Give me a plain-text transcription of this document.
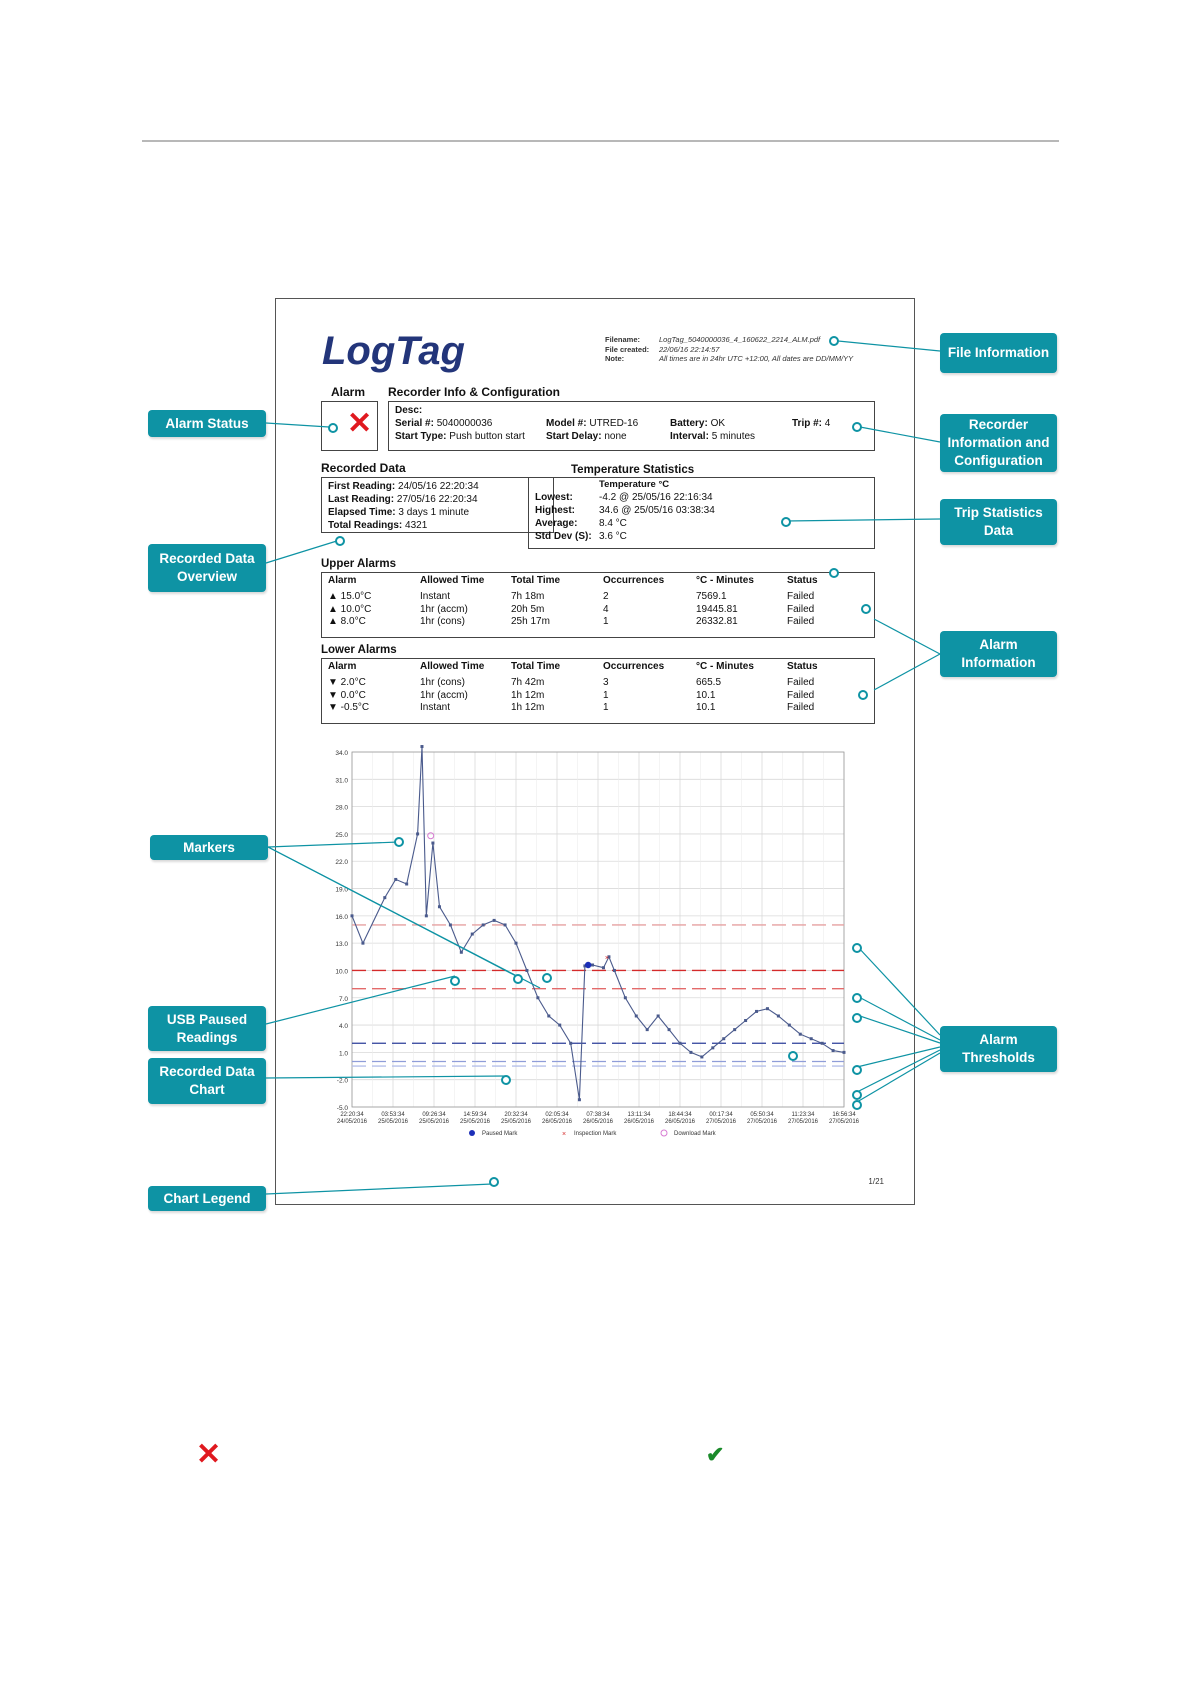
LogTag	Filename:	LogTag_5040000036_4_160622_2214_ALM.pdf
File created:	22/06/16 22:14:57
Note:	All times are in 24hr UTC +12:00, All dates are DD/MM/YY
Alarm Recorder Info & Configuration
✕ Desc:
Serial #: 5040000036	Model #: UTRED-16	Battery: OK	Trip #: 4
Start Type: Push button start Start Delay: none	Interval: 5 minutes
Recorded Data	Temperature Statistics
First Reading: 24/05/16 22:20:34
Last Reading: 27/05/16 22:20:34
Elapsed Time: 3 days 1 minute
Total Readings: 4321
Temperature °C
Lowest:	-4.2 @ 25/05/16 22:16:34
Highest: 34.6 @ 25/05/16 03:38:34
Average: 8.4 °C
Std Dev (S): 3.6 °C
Upper Alarms
Alarm	Allowed Time	Total Time	Occurrences	°C - Minutes	Status
▲ 15.0°C	Instant	7h 18m	2	7569.1	Failed
▲ 10.0°C	1hr (accm)	20h 5m	4	19445.81	Failed
▲ 8.0°C	1hr (cons)	25h 17m	1	26332.81	Failed
Lower Alarms
Alarm	Allowed Time	Total Time	Occurrences	°C - Minutes	Status
▼ 2.0°C	1hr (cons)	7h 42m	3	665.5	Failed
▼ 0.0°C	1hr (accm)	1h 12m	1	10.1	Failed
▼ -0.5°C	Instant	1h 12m	1	10.1	Failed
34.0
31.0
28.0
25.0
22.0
19.0
16.0
13.0
10.0
7.0
4.0
1.0
-2.0
-5.0
22:20:34
24/05/2016
03:53:34
25/05/2016
09:26:34
25/05/2016
14:59:34
25/05/2016
20:32:34
25/05/2016
02:05:34
26/05/2016
07:38:34
26/05/2016
13:11:34
26/05/2016
18:44:34
26/05/2016
00:17:34
27/05/2016
05:50:34
27/05/2016
11:23:34
27/05/2016
16:56:34
27/05/2016
×
Paused Mark	× Inspection Mark	Download Mark
1/21
File Information
Alarm Status	Recorder Information and Configuration
Trip Statistics Data
Recorded Data Overview
Alarm Information
Markers
USB Paused Readings	Alarm Thresholds
Recorded Data Chart
Chart Legend
✕	✔
